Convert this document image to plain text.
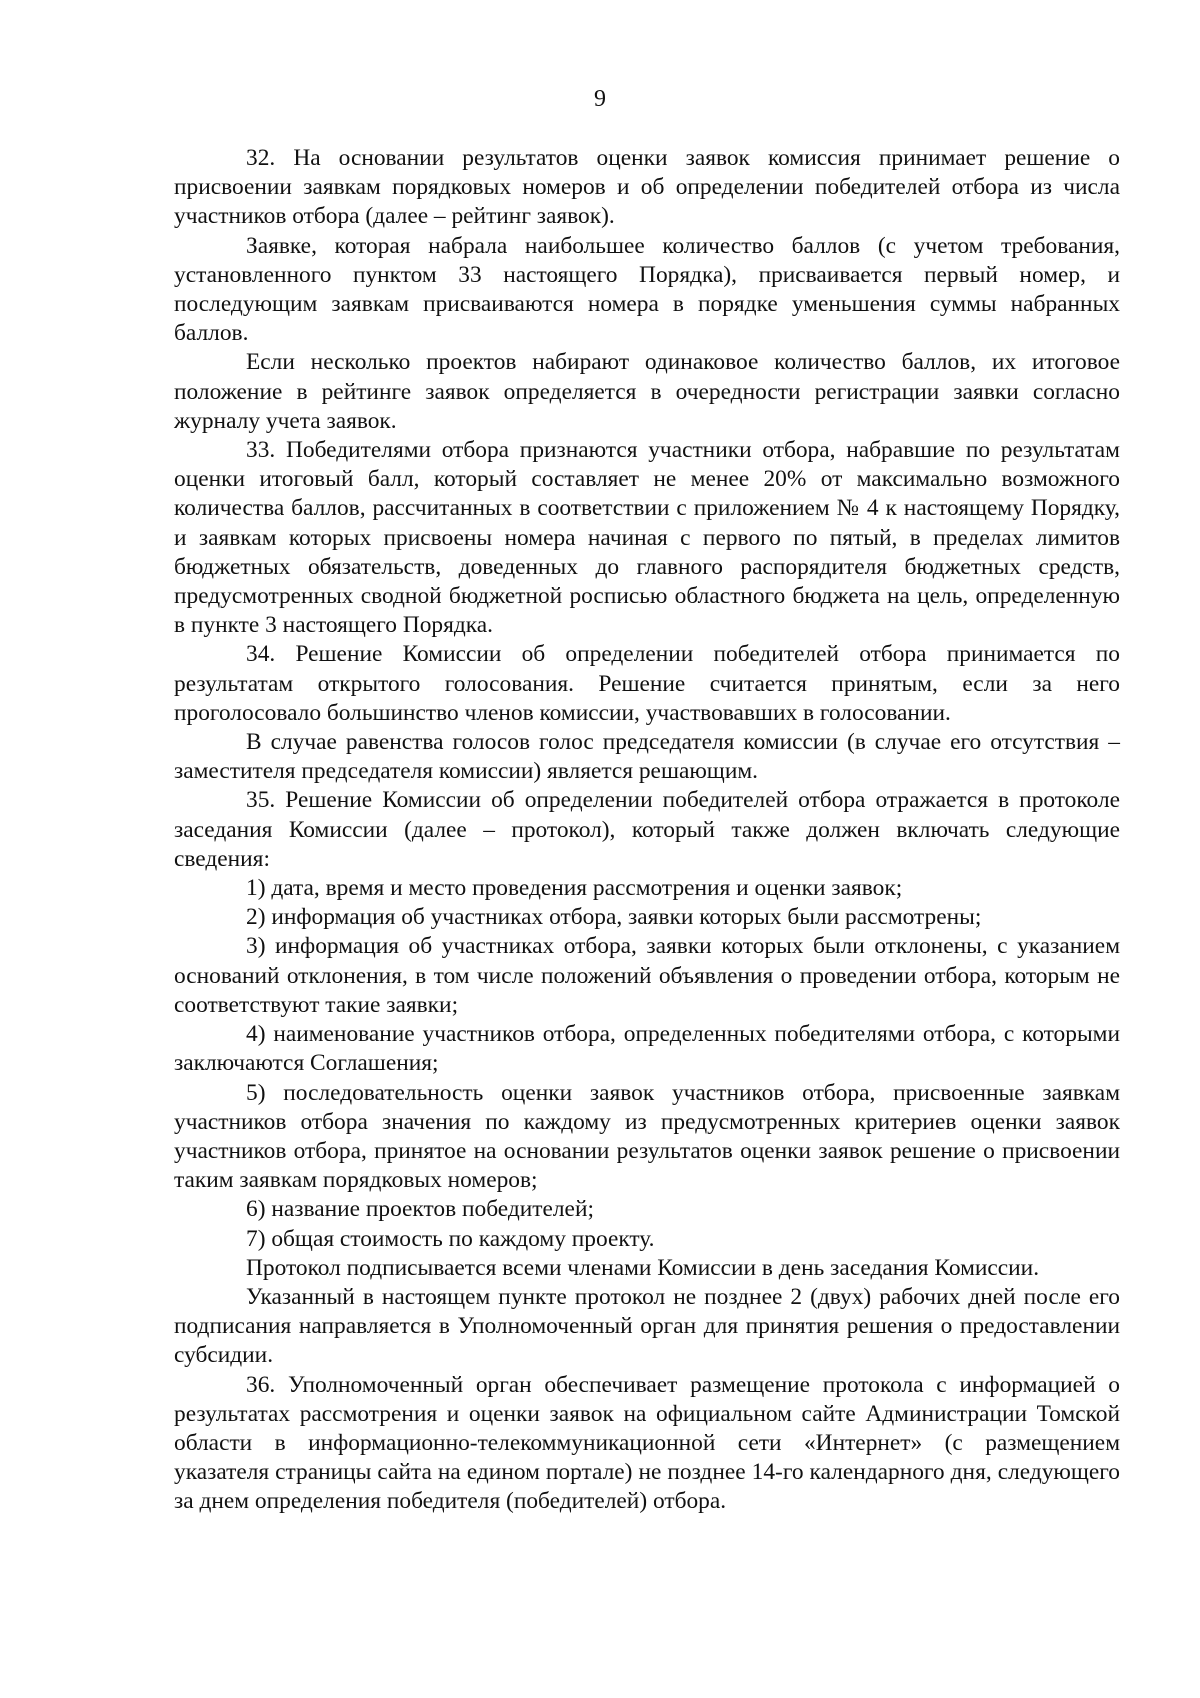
9

32. На основании результатов оценки заявок комиссия принимает решение о присвоении заявкам порядковых номеров и об определении победителей отбора из числа участников отбора (далее – рейтинг заявок).

Заявке, которая набрала наибольшее количество баллов (с учетом требования, установленного пунктом 33 настоящего Порядка), присваивается первый номер, и последующим заявкам присваиваются номера в порядке уменьшения суммы набранных баллов.

Если несколько проектов набирают одинаковое количество баллов, их итоговое положение в рейтинге заявок определяется в очередности регистрации заявки согласно журналу учета заявок.

33. Победителями отбора признаются участники отбора, набравшие по результатам оценки итоговый балл, который составляет не менее 20% от максимально возможного количества баллов, рассчитанных в соответствии с приложением № 4 к настоящему Порядку, и заявкам которых присвоены номера начиная с первого по пятый, в пределах лимитов бюджетных обязательств, доведенных до главного распорядителя бюджетных средств, предусмотренных сводной бюджетной росписью областного бюджета на цель, определенную в пункте 3 настоящего Порядка.

34. Решение Комиссии об определении победителей отбора принимается по результатам открытого голосования. Решение считается принятым, если за него проголосовало большинство членов комиссии, участвовавших в голосовании.

В случае равенства голосов голос председателя комиссии (в случае его отсутствия – заместителя председателя комиссии) является решающим.

35. Решение Комиссии об определении победителей отбора отражается в протоколе заседания Комиссии (далее – протокол), который также должен включать следующие сведения:

1) дата, время и место проведения рассмотрения и оценки заявок;

2) информация об участниках отбора, заявки которых были рассмотрены;

3) информация об участниках отбора, заявки которых были отклонены, с указанием оснований отклонения, в том числе положений объявления о проведении отбора, которым не соответствуют такие заявки;

4) наименование участников отбора, определенных победителями отбора, с которыми заключаются Соглашения;

5) последовательность оценки заявок участников отбора, присвоенные заявкам участников отбора значения по каждому из предусмотренных критериев оценки заявок участников отбора, принятое на основании результатов оценки заявок решение о присвоении таким заявкам порядковых номеров;

6) название проектов победителей;

7) общая стоимость по каждому проекту.

Протокол подписывается всеми членами Комиссии в день заседания Комиссии.

Указанный в настоящем пункте протокол не позднее 2 (двух) рабочих дней после его подписания направляется в Уполномоченный орган для принятия решения о предоставлении субсидии.

36. Уполномоченный орган обеспечивает размещение протокола с информацией о результатах рассмотрения и оценки заявок на официальном сайте Администрации Томской области в информационно-телекоммуникационной сети «Интернет» (с размещением указателя страницы сайта на едином портале) не позднее 14-го календарного дня, следующего за днем определения победителя (победителей) отбора.
